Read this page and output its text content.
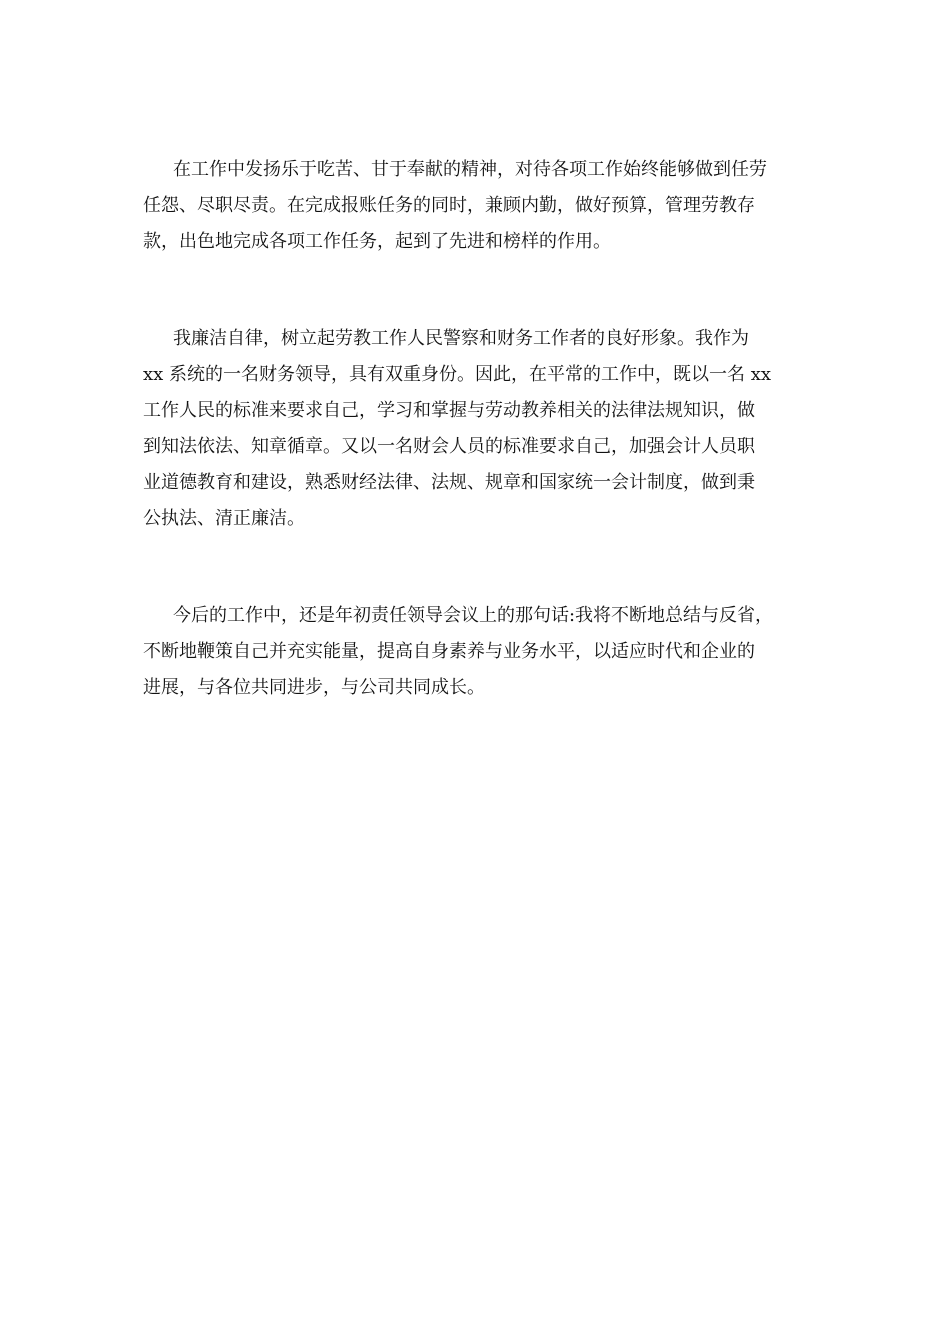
在工作中发扬乐于吃苦、甘于奉献的精神，对待各项工作始终能够做到任劳
任怨、尽职尽责。在完成报账任务的同时，兼顾内勤，做好预算，管理劳教存
款，出色地完成各项工作任务，起到了先进和榜样的作用。
我廉洁自律，树立起劳教工作人民警察和财务工作者的良好形象。我作为
xx 系统的一名财务领导，具有双重身份。因此，在平常的工作中，既以一名 xx
工作人民的标准来要求自己，学习和掌握与劳动教养相关的法律法规知识，做
到知法依法、知章循章。又以一名财会人员的标准要求自己，加强会计人员职
业道德教育和建设，熟悉财经法律、法规、规章和国家统一会计制度，做到秉
公执法、清正廉洁。
今后的工作中，还是年初责任领导会议上的那句话:我将不断地总结与反省，
不断地鞭策自己并充实能量，提高自身素养与业务水平，以适应时代和企业的
进展，与各位共同进步，与公司共同成长。
